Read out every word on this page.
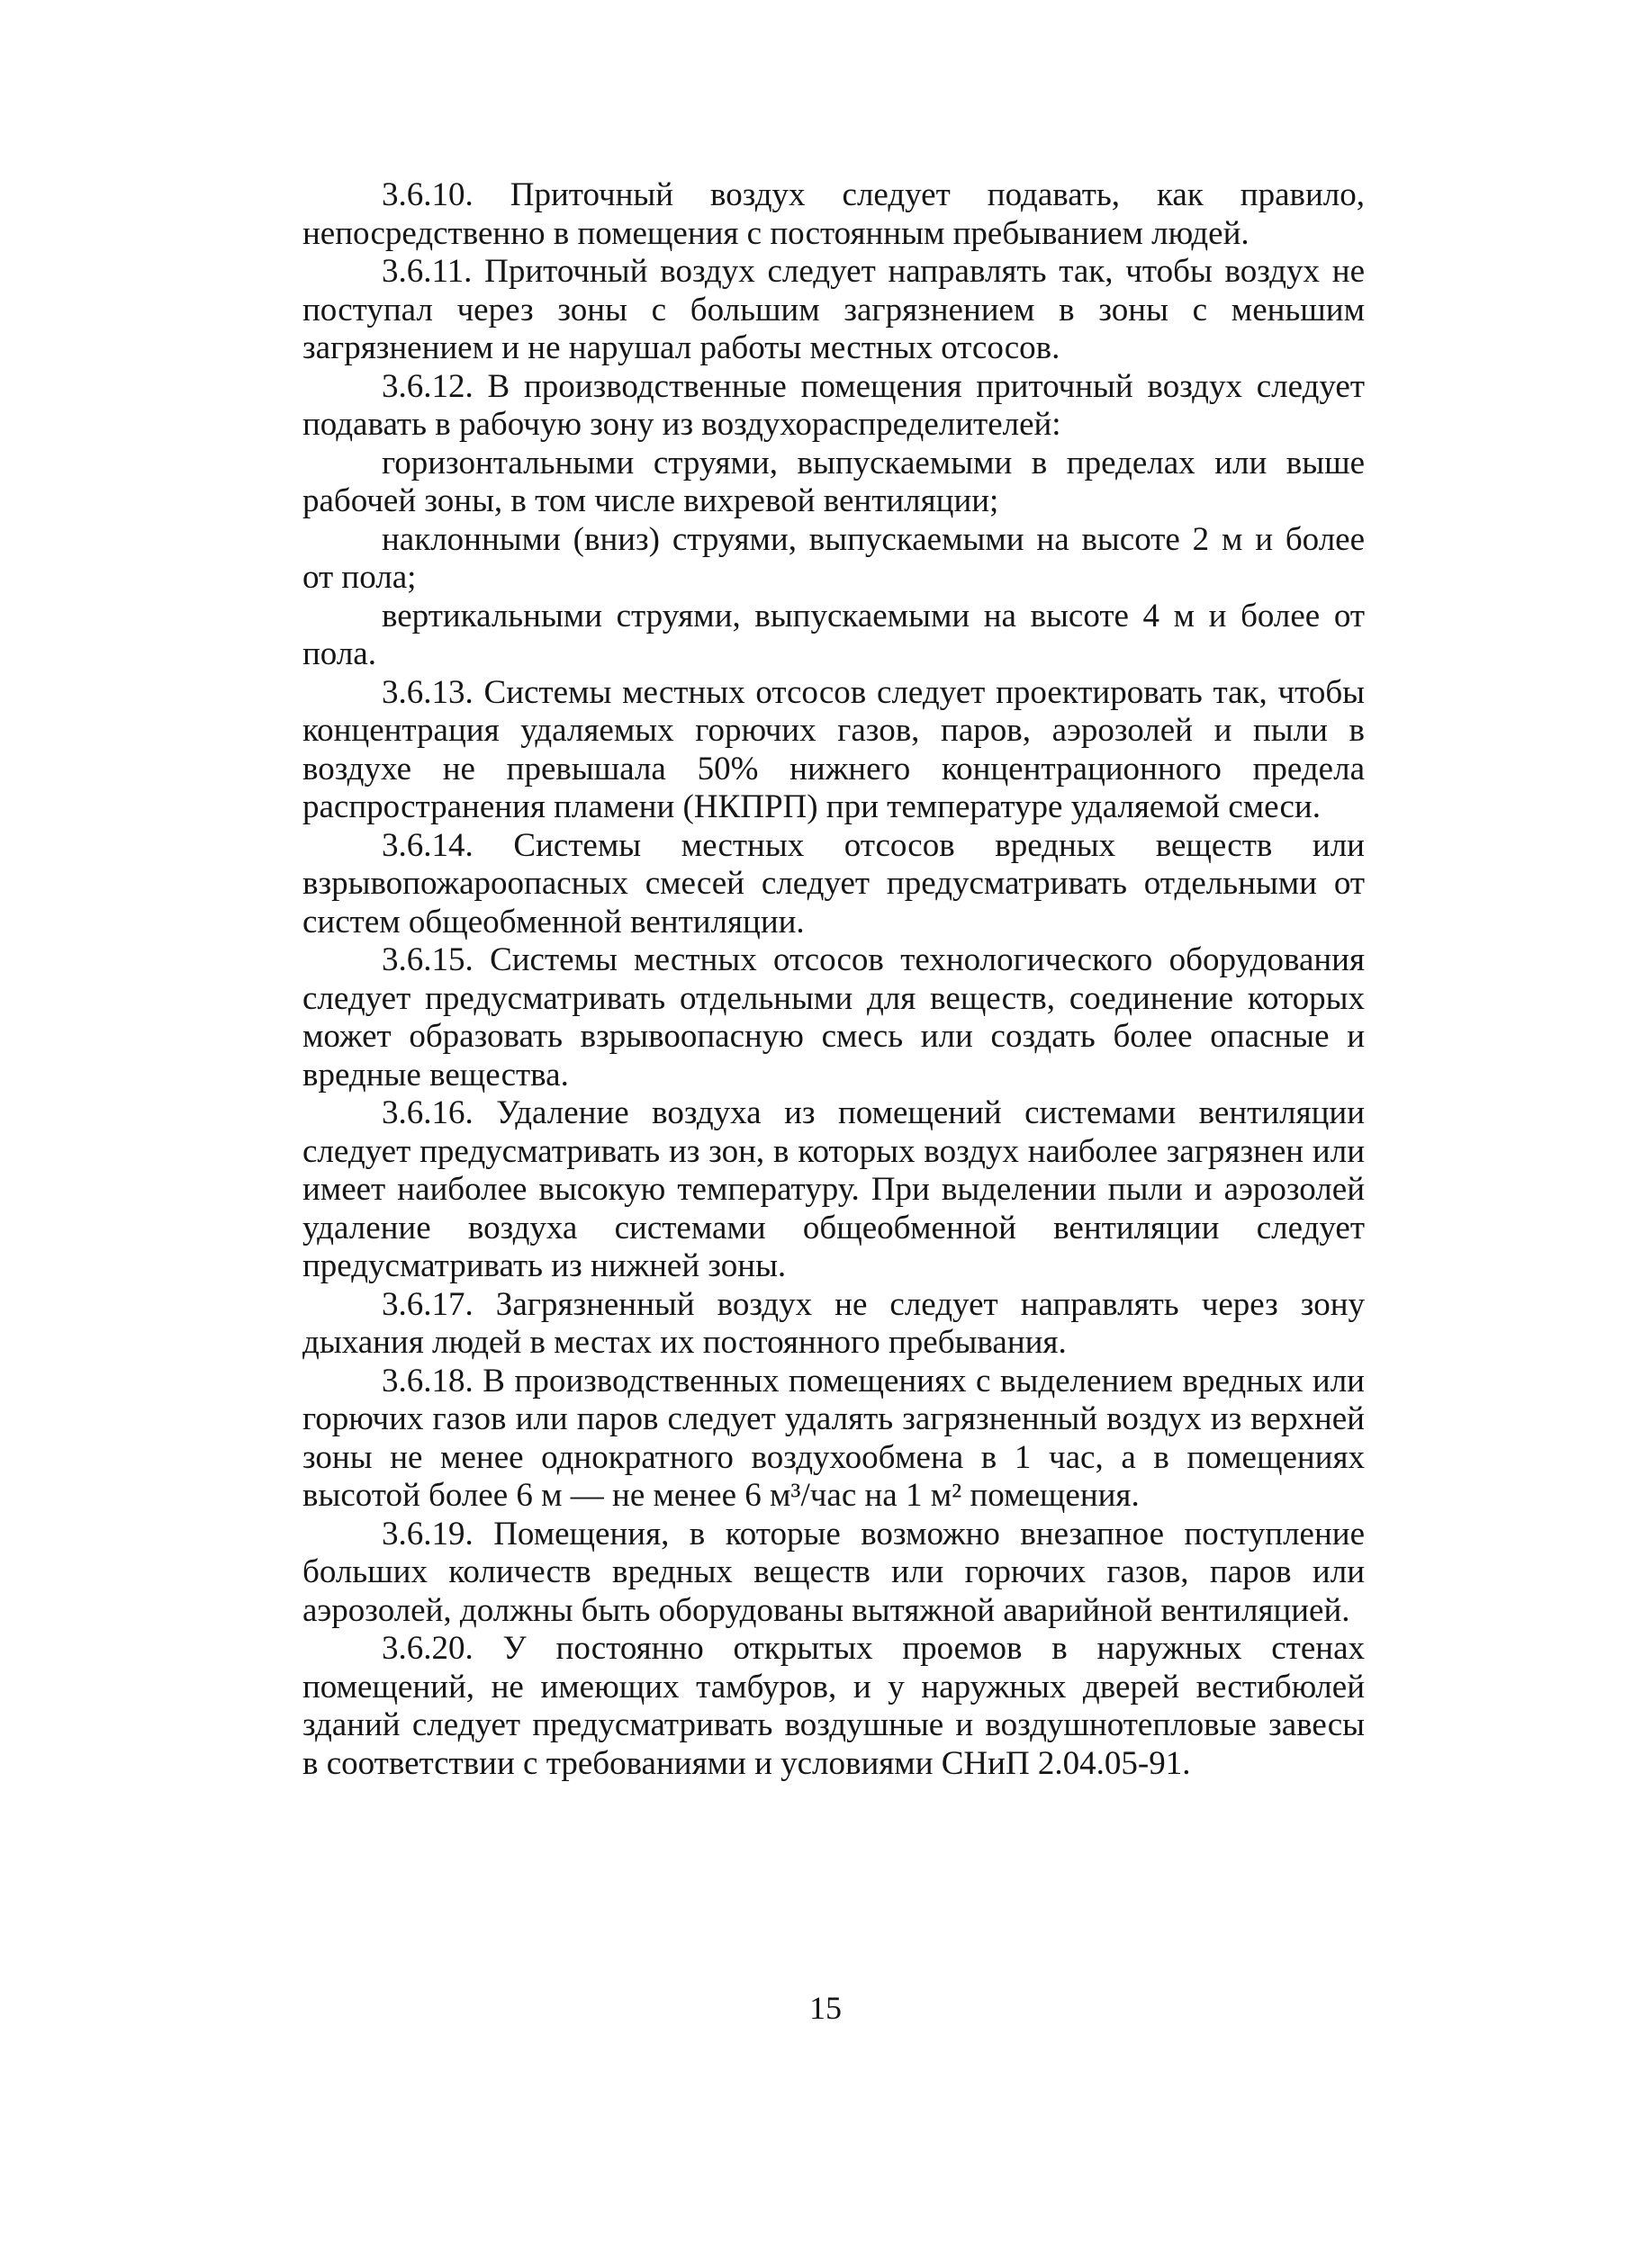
3.6.10. Приточный воздух следует подавать, как правило, непосредственно в помещения с постоянным пребыванием людей.

3.6.11. Приточный воздух следует направлять так, чтобы воздух не поступал через зоны с большим загрязнением в зоны с меньшим загрязнением и не нарушал работы местных отсосов.

3.6.12. В производственные помещения приточный воздух следует подавать в рабочую зону из воздухораспределителей:

горизонтальными струями, выпускаемыми в пределах или выше рабочей зоны, в том числе вихревой вентиляции;

наклонными (вниз) струями, выпускаемыми на высоте 2 м и более от пола;

вертикальными струями, выпускаемыми на высоте 4 м и более от пола.

3.6.13. Системы местных отсосов следует проектировать так, чтобы концентрация удаляемых горючих газов, паров, аэрозолей и пыли в воздухе не превышала 50% нижнего концентрационного предела распространения пламени (НКПРП) при температуре удаляемой смеси.

3.6.14. Системы местных отсосов вредных веществ или взрывопожароопасных смесей следует предусматривать отдельными от систем общеобменной вентиляции.

3.6.15. Системы местных отсосов технологического оборудования следует предусматривать отдельными для веществ, соединение которых может образовать взрывоопасную смесь или создать более опасные и вредные вещества.

3.6.16. Удаление воздуха из помещений системами вентиляции следует предусматривать из зон, в которых воздух наиболее загрязнен или имеет наиболее высокую температуру. При выделении пыли и аэрозолей удаление воздуха системами общеобменной вентиляции следует предусматривать из нижней зоны.

3.6.17. Загрязненный воздух не следует направлять через зону дыхания людей в местах их постоянного пребывания.

3.6.18. В производственных помещениях с выделением вредных или горючих газов или паров следует удалять загрязненный воздух из верхней зоны не менее однократного воздухообмена в 1 час, а в помещениях высотой более 6 м — не менее 6 м³/час на 1 м² помещения.

3.6.19. Помещения, в которые возможно внезапное поступление больших количеств вредных веществ или горючих газов, паров или аэрозолей, должны быть оборудованы вытяжной аварийной вентиляцией.

3.6.20. У постоянно открытых проемов в наружных стенах помещений, не имеющих тамбуров, и у наружных дверей вестибюлей зданий следует предусматривать воздушные и воздушнотепловые завесы в соответствии с требованиями и условиями СНиП 2.04.05-91.

15
